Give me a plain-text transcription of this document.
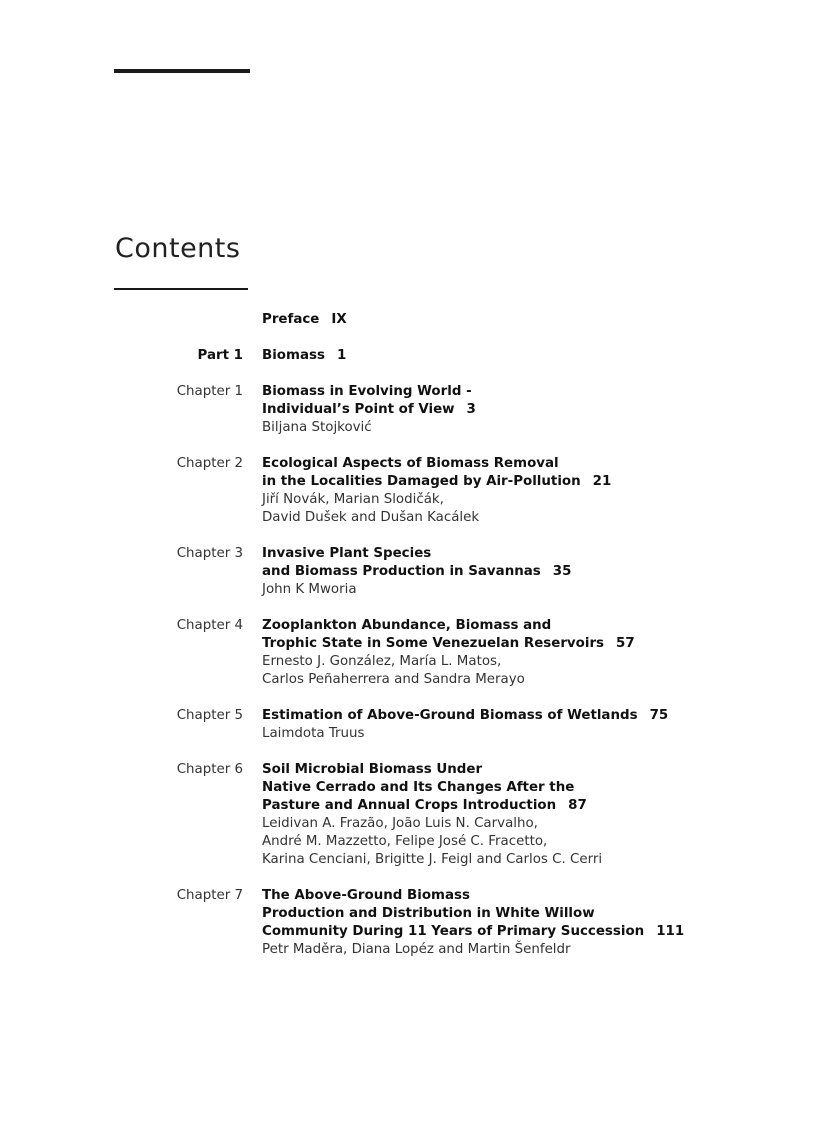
Contents
Preface IX
Part 1 Biomass 1
Chapter 1 Biomass in Evolving World -
Individual’s Point of View 3
Biljana Stojković
Chapter 2 Ecological Aspects of Biomass Removal
in the Localities Damaged by Air-Pollution 21
Jiří Novák, Marian Slodičák,
David Dušek and Dušan Kacálek
Chapter 3 Invasive Plant Species
and Biomass Production in Savannas 35
John K Mworia
Chapter 4 Zooplankton Abundance, Biomass and
Trophic State in Some Venezuelan Reservoirs 57
Ernesto J. González, María L. Matos,
Carlos Peñaherrera and Sandra Merayo
Chapter 5 Estimation of Above-Ground Biomass of Wetlands 75
Laimdota Truus
Chapter 6 Soil Microbial Biomass Under
Native Cerrado and Its Changes After the
Pasture and Annual Crops Introduction 87
Leidivan A. Frazão, João Luis N. Carvalho,
André M. Mazzetto, Felipe José C. Fracetto,
Karina Cenciani, Brigitte J. Feigl and Carlos C. Cerri
Chapter 7 The Above-Ground Biomass
Production and Distribution in White Willow
Community During 11 Years of Primary Succession 111
Petr Maděra, Diana Lopéz and Martin Šenfeldr
